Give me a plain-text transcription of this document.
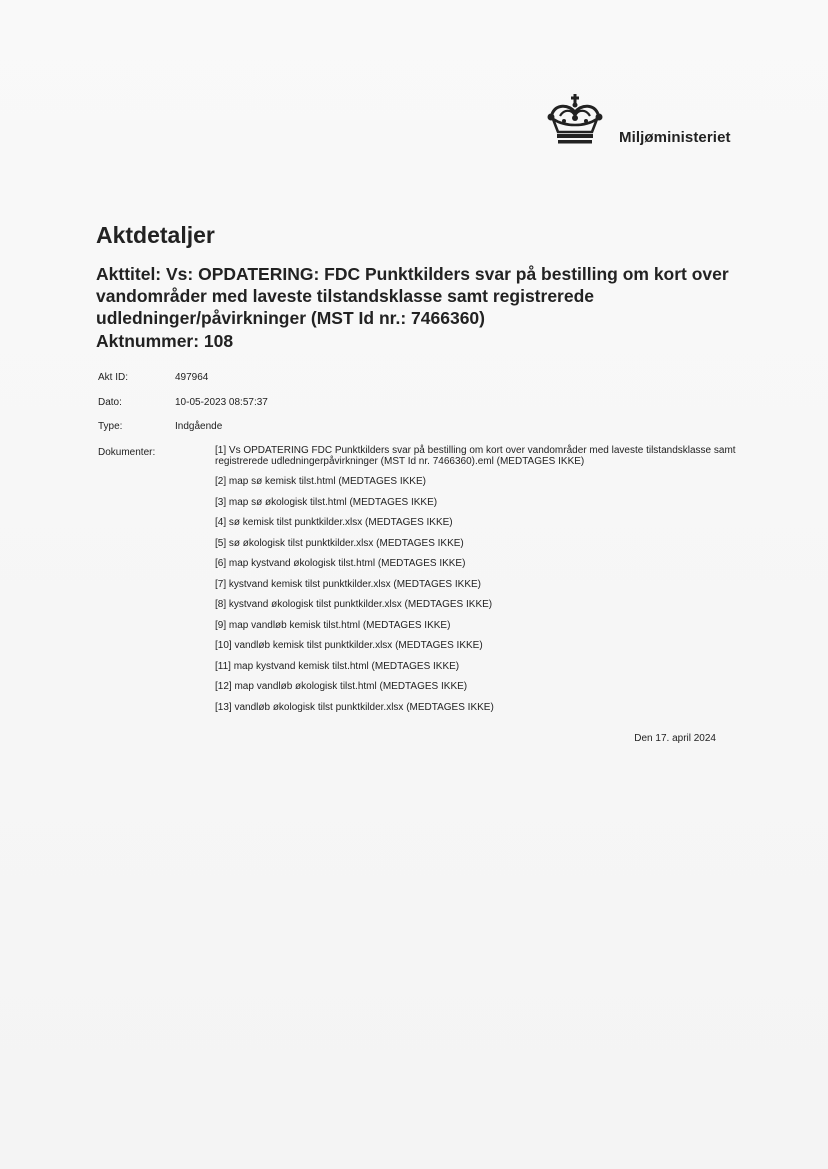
Miljøministeriet
Aktdetaljer
Akttitel: Vs: OPDATERING: FDC Punktkilders svar på bestilling om kort over vandområder med laveste tilstandsklasse samt registrerede udledninger/påvirkninger (MST Id nr.: 7466360)
Aktnummer: 108
Akt ID:	497964
Dato:	10-05-2023 08:57:37
Type:	Indgående
Dokumenter:	[1] Vs OPDATERING FDC Punktkilders svar på bestilling om kort over vandområder med laveste tilstandsklasse samt registrerede udledningerpåvirkninger (MST Id nr. 7466360).eml (MEDTAGES IKKE)
[2] map sø kemisk tilst.html (MEDTAGES IKKE)
[3] map sø økologisk tilst.html (MEDTAGES IKKE)
[4] sø kemisk tilst punktkilder.xlsx (MEDTAGES IKKE)
[5] sø økologisk tilst punktkilder.xlsx (MEDTAGES IKKE)
[6] map kystvand økologisk tilst.html (MEDTAGES IKKE)
[7] kystvand kemisk tilst punktkilder.xlsx (MEDTAGES IKKE)
[8] kystvand økologisk tilst punktkilder.xlsx (MEDTAGES IKKE)
[9] map vandløb kemisk tilst.html (MEDTAGES IKKE)
[10] vandløb kemisk tilst punktkilder.xlsx (MEDTAGES IKKE)
[11] map kystvand kemisk tilst.html (MEDTAGES IKKE)
[12] map vandløb økologisk tilst.html (MEDTAGES IKKE)
[13] vandløb økologisk tilst punktkilder.xlsx (MEDTAGES IKKE)
Den 17. april 2024
